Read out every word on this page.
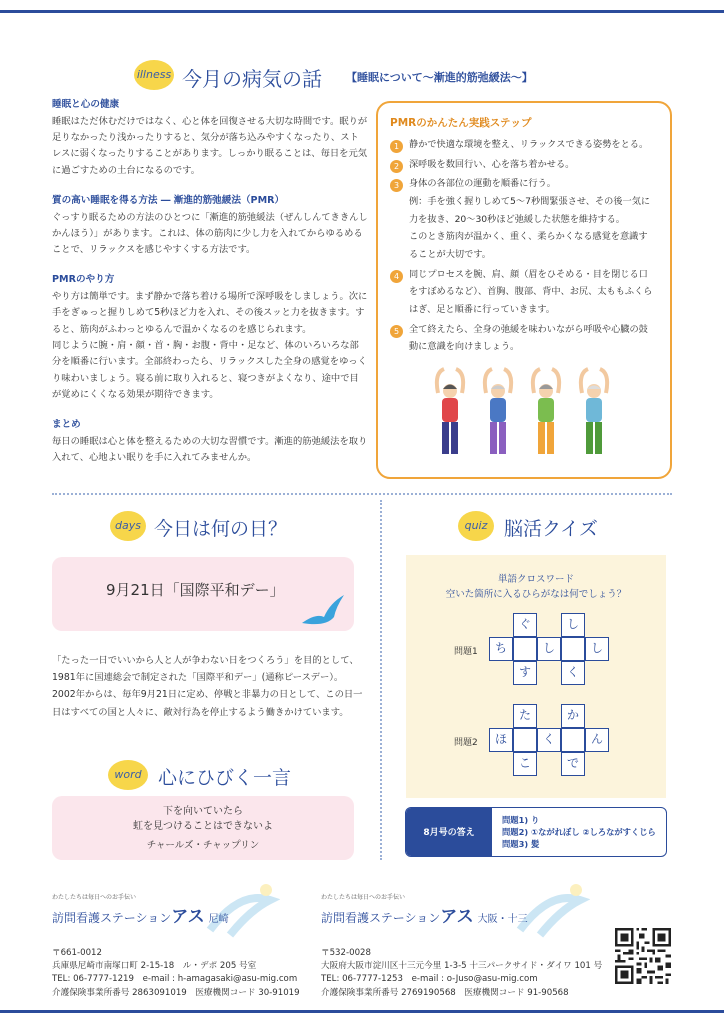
illness 今月の病気の話 【睡眠について〜漸進的筋弛緩法〜】
睡眠と心の健康

睡眠はただ休むだけではなく、心と体を回復させる大切な時間です。眠りが足りなかったり浅かったりすると、気分が落ち込みやすくなったり、ストレスに弱くなったりすることがあります。しっかり眠ることは、毎日を元気に過ごすための土台になるのです。

質の高い睡眠を得る方法 ― 漸進的筋弛緩法（PMR）

ぐっすり眠るための方法のひとつに「漸進的筋弛緩法（ぜんしんてききんしかんほう）」があります。これは、体の筋肉に少し力を入れてからゆるめることで、リラックスを感じやすくする方法です。

PMRのやり方

やり方は簡単です。まず静かで落ち着ける場所で深呼吸をしましょう。次に手をぎゅっと握りしめて5秒ほど力を入れ、その後スッと力を抜きます。すると、筋肉がふわっとゆるんで温かくなるのを感じられます。

同じように腕・肩・顔・首・胸・お腹・背中・足など、体のいろいろな部分を順番に行います。全部終わったら、リラックスした全身の感覚をゆっくり味わいましょう。寝る前に取り入れると、寝つきがよくなり、途中で目が覚めにくくなる効果が期待できます。

まとめ

毎日の睡眠は心と体を整えるための大切な習慣です。漸進的筋弛緩法を取り入れて、心地よい眠りを手に入れてみませんか。

PMRのかんたん実践ステップ
1	静かで快適な環境を整え、リラックスできる姿勢をとる。
2	深呼吸を数回行い、心を落ち着かせる。
3	身体の各部位の運動を順番に行う。
例：手を強く握りしめて5〜7秒間緊張させ、その後一気に力を抜き、20〜30秒ほど弛緩した状態を維持する。
このとき筋肉が温かく、重く、柔らかくなる感覚を意識することが大切です。
4	同じプロセスを腕、肩、顔（眉をひそめる・目を閉じる口をすぼめるなど）、首胸、腹部、背中、お尻、太ももふくらはぎ、足と順番に行っていきます。
5	全て終えたら、全身の弛緩を味わいながら呼吸や心臓の鼓動に意識を向けましょう。
days 今日は何の日？
9月21日「国際平和デー」
「たった一日でいいから人と人が争わない日をつくろう」を目的として、1981年に国連総会で制定された「国際平和デー」(通称ピースデー）。2002年からは、毎年9月21日に定め、停戦と非暴力の日として、この日一日はすべての国と人々に、敵対行為を停止するよう働きかけています。
word 心にひびく一言
下を向いていたら
虹を見つけることはできないよ
チャールズ・チャップリン
quiz 脳活クイズ
単語クロスワード
空いた箇所に入るひらがなは何でしょう？
問題1
ぐ	し
ち	し	し
す	く
問題2
た	か
ほ	く	ん
こ	で
8月号の答え
問題1) り
問題2) ①ながれぼし ②しろながすくじら
問題3) 髪
わたしたちは毎日へのお手伝い
訪問看護ステーションアス 尼崎
〒661-0012
兵庫県尼崎市南塚口町 2-15-18　ル・デポ 205 号室
TEL: 06-7777-1219　e-mail : h-amagasaki@asu-mig.com
介護保険事業所番号 2863091019　医療機関コード 30-91019
わたしたちは毎日へのお手伝い
訪問看護ステーションアス 大阪・十三
〒532-0028
大阪府大阪市淀川区十三元今里 1-3-5 十三パークサイド・ダイワ 101 号
TEL: 06-7777-1253　e-mail : o-Juso@asu-mig.com
介護保険事業所番号 2769190568　医療機関コード 91-90568
